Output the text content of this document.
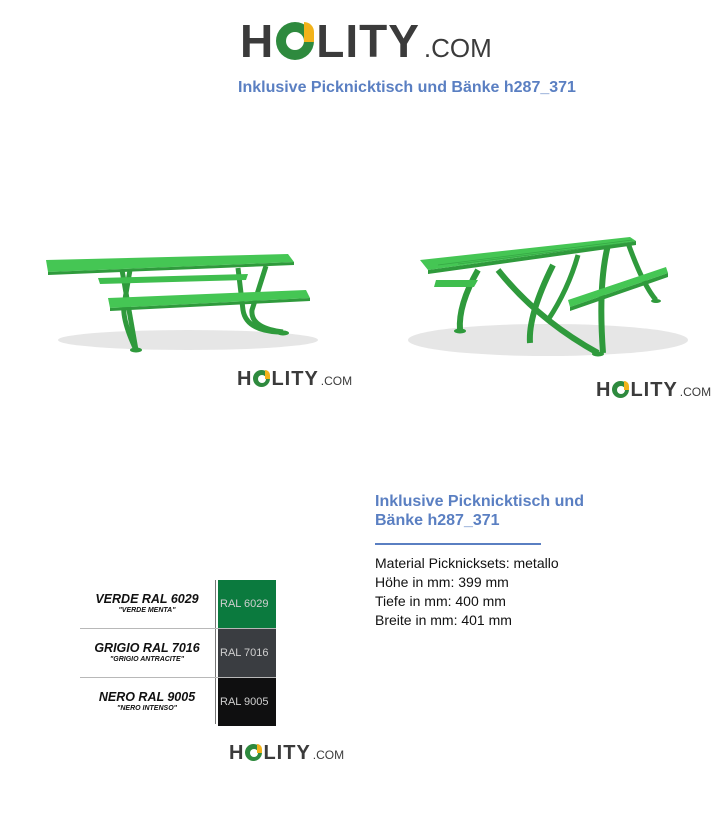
H LITY .COM
Inklusive Picknicktisch und Bänke h287_371
H LITY .COM	H LITY .COM
VERDE RAL 6029
"VERDE MENTA"
RAL 6029
GRIGIO RAL 7016
"GRIGIO ANTRACITE"
RAL 7016
NERO RAL 9005
"NERO INTENSO"
RAL 9005
H LITY .COM
Inklusive Picknicktisch und
Bänke h287_371
Material Picknicksets: metallo
Höhe in mm: 399 mm
Tiefe in mm: 400 mm
Breite in mm: 401 mm
